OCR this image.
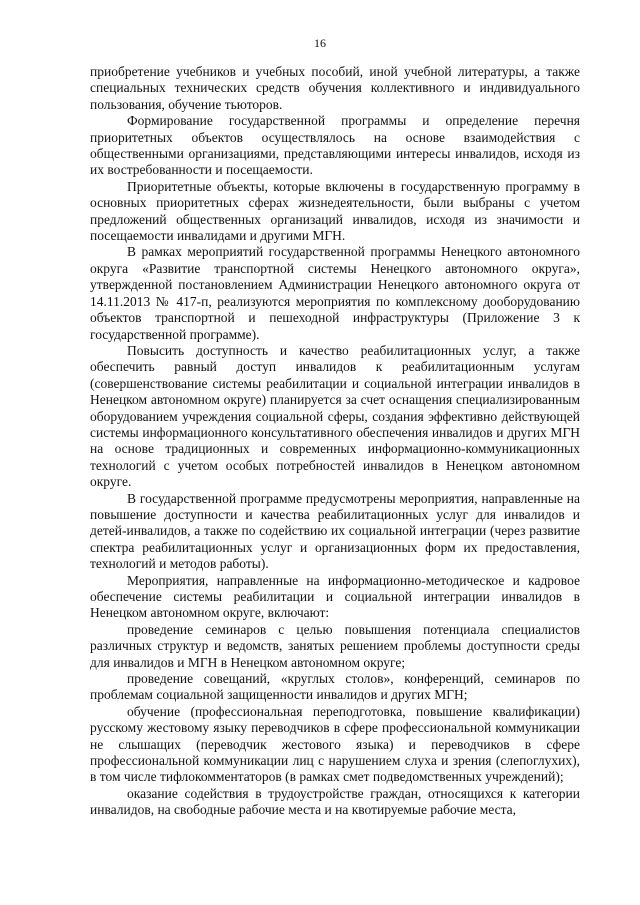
16

приобретение учебников и учебных пособий, иной учебной литературы, а также специальных технических средств обучения коллективного и индивидуального пользования, обучение тьюторов.

Формирование государственной программы и определение перечня приоритетных объектов осуществлялось на основе взаимодействия с общественными организациями, представляющими интересы инвалидов, исходя из их востребованности и посещаемости.

Приоритетные объекты, которые включены в государственную программу в основных приоритетных сферах жизнедеятельности, были выбраны с учетом предложений общественных организаций инвалидов, исходя из значимости и посещаемости инвалидами и другими МГН.

В рамках мероприятий государственной программы Ненецкого автономного округа «Развитие транспортной системы Ненецкого автономного округа», утвержденной постановлением Администрации Ненецкого автономного округа от 14.11.2013 № 417-п, реализуются мероприятия по комплексному дооборудованию объектов транспортной и пешеходной инфраструктуры (Приложение 3 к государственной программе).

Повысить доступность и качество реабилитационных услуг, а также обеспечить равный доступ инвалидов к реабилитационным услугам (совершенствование системы реабилитации и социальной интеграции инвалидов в Ненецком автономном округе) планируется за счет оснащения специализированным оборудованием учреждения социальной сферы, создания эффективно действующей системы информационного консультативного обеспечения инвалидов и других МГН на основе традиционных и современных информационно-коммуникационных технологий с учетом особых потребностей инвалидов в Ненецком автономном округе.

В государственной программе предусмотрены мероприятия, направленные на повышение доступности и качества реабилитационных услуг для инвалидов и детей-инвалидов, а также по содействию их социальной интеграции (через развитие спектра реабилитационных услуг и организационных форм их предоставления, технологий и методов работы).

Мероприятия, направленные на информационно-методическое и кадровое обеспечение системы реабилитации и социальной интеграции инвалидов в Ненецком автономном округе, включают:

проведение семинаров с целью повышения потенциала специалистов различных структур и ведомств, занятых решением проблемы доступности среды для инвалидов и МГН в Ненецком автономном округе;

проведение совещаний, «круглых столов», конференций, семинаров по проблемам социальной защищенности инвалидов и других МГН;

обучение (профессиональная переподготовка, повышение квалификации) русскому жестовому языку переводчиков в сфере профессиональной коммуникации не слышащих (переводчик жестового языка) и переводчиков в сфере профессиональной коммуникации лиц с нарушением слуха и зрения (слепоглухих), в том числе тифлокомментаторов (в рамках смет подведомственных учреждений);

оказание содействия в трудоустройстве граждан, относящихся к категории инвалидов, на свободные рабочие места и на квотируемые рабочие места,
